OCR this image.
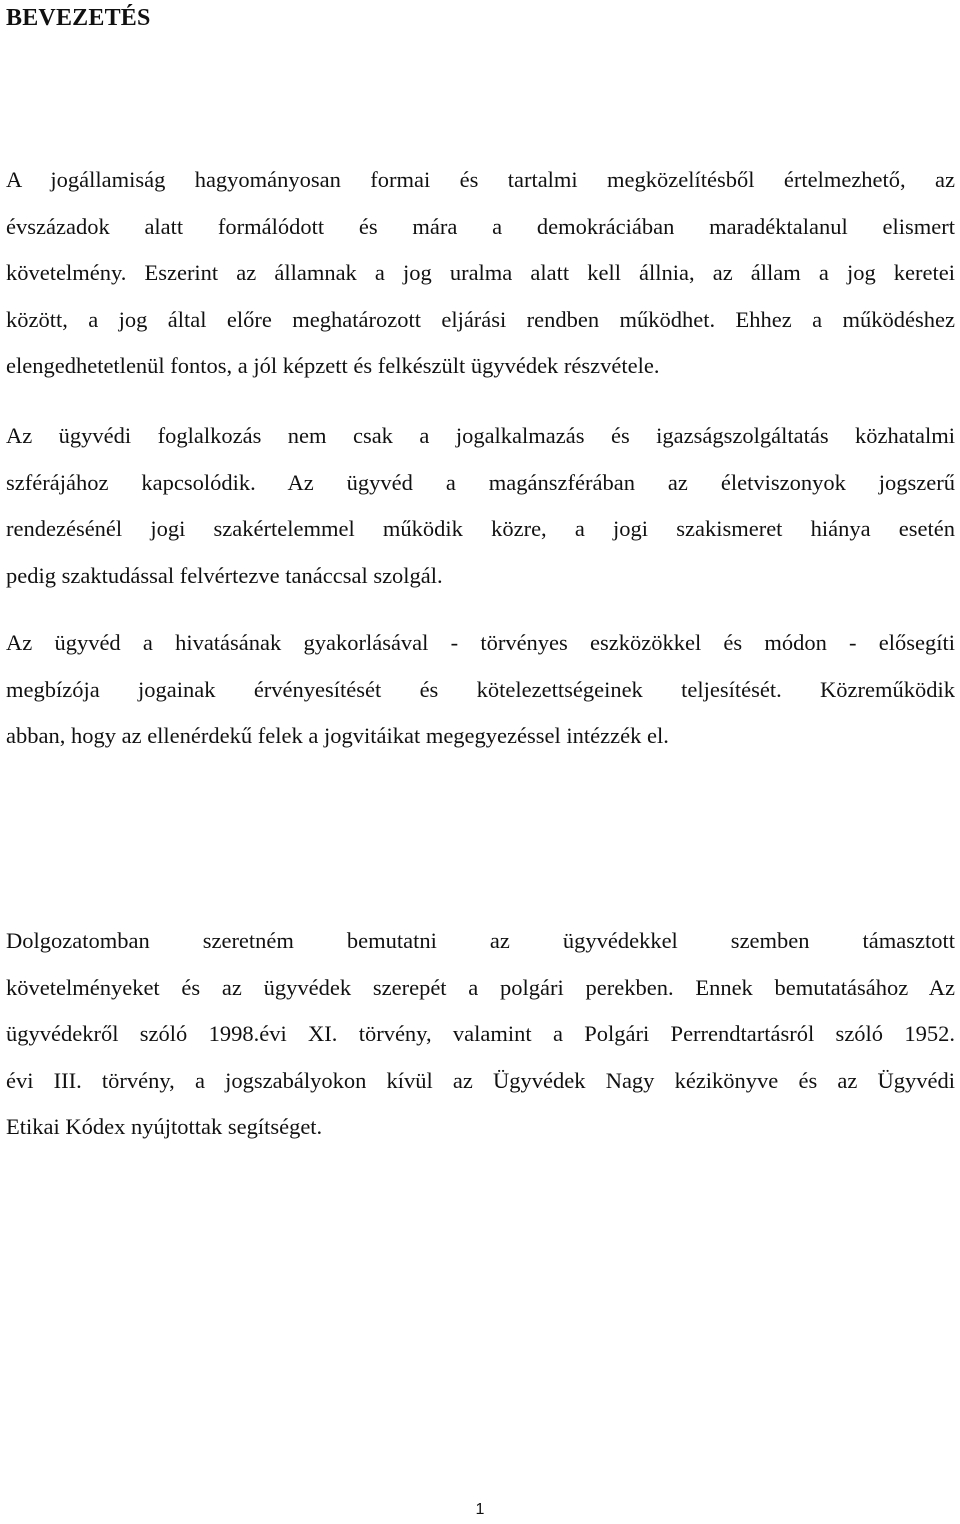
BEVEZETÉS

A jogállamiság hagyományosan formai és tartalmi megközelítésből értelmezhető, az
évszázadok alatt formálódott és mára a demokráciában maradéktalanul elismert
követelmény. Eszerint az államnak a jog uralma alatt kell állnia, az állam a jog keretei
között, a jog által előre meghatározott eljárási rendben működhet. Ehhez a működéshez
elengedhetetlenül fontos, a jól képzett és felkészült ügyvédek részvétele.

Az ügyvédi foglalkozás nem csak a jogalkalmazás és igazságszolgáltatás közhatalmi
szférájához kapcsolódik. Az ügyvéd a magánszférában az életviszonyok jogszerű
rendezésénél jogi szakértelemmel működik közre, a jogi szakismeret hiánya esetén
pedig szaktudással felvértezve tanáccsal szolgál.

Az ügyvéd a hivatásának gyakorlásával - törvényes eszközökkel és módon - elősegíti
megbízója jogainak érvényesítését és kötelezettségeinek teljesítését. Közreműködik
abban, hogy az ellenérdekű felek a jogvitáikat megegyezéssel intézzék el.

Dolgozatomban szeretném bemutatni az ügyvédekkel szemben támasztott
követelményeket és az ügyvédek szerepét a polgári perekben. Ennek bemutatásához Az
ügyvédekről szóló 1998.évi XI. törvény, valamint a Polgári Perrendtartásról szóló 1952.
évi III. törvény, a jogszabályokon kívül az Ügyvédek Nagy kézikönyve és az Ügyvédi
Etikai Kódex nyújtottak segítséget.

1
